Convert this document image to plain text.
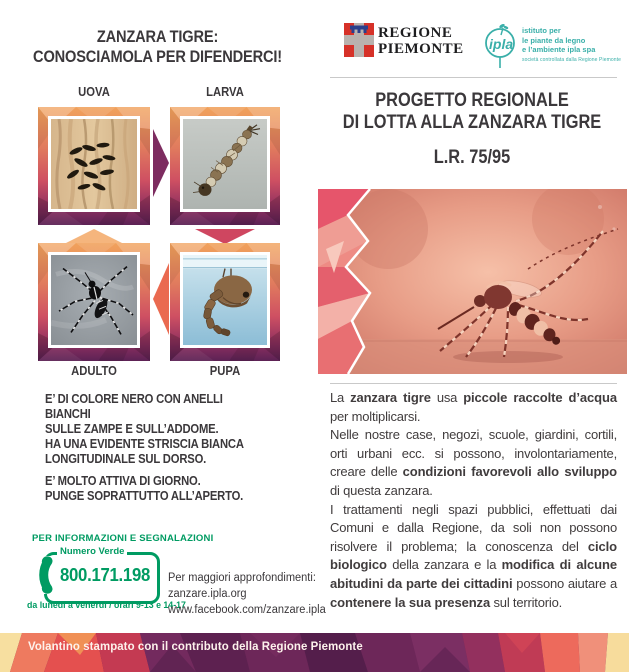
ZANZARA TIGRE:
CONOSCIAMOLA PER DIFENDERCI!
UOVA	LARVA
ADULTO	PUPA

E’ DI COLORE NERO CON ANELLI BIANCHI
SULLE ZAMPE E SULL’ADDOME.
HA UNA EVIDENTE STRISCIA BIANCA
LONGITUDINALE SUL DORSO.

E’ MOLTO ATTIVA DI GIORNO.
PUNGE SOPRATTUTTO ALL’APERTO.

PER INFORMAZIONI E SEGNALAZIONI
Numero Verde
800.171.198
da lunedì a venerdì / orari 9-13 e 14-17
Per maggiori approfondimenti:
zanzare.ipla.org
www.facebook.com/zanzare.ipla
REGIONE
PIEMONTE ipla
istituto per
le piante da legno
e l’ambiente ipla spa
società controllata dalla Regione Piemonte
PROGETTO REGIONALE
DI LOTTA ALLA ZANZARA TIGRE
L.R. 75/95

La zanzara tigre usa piccole raccolte d’acqua per moltiplicarsi.

Nelle nostre case, negozi, scuole, giardini, cortili, orti urbani ecc. si possono, involontariamente, creare delle condizioni favorevoli allo sviluppo di questa zanzara.

I trattamenti negli spazi pubblici, effettuati dai Comuni e dalla Regione, da soli non possono risolvere il problema; la conoscenza del ciclo biologico della zanzara e la modifica di alcune abitudini da parte dei cittadini possono aiutare a contenere la sua presenza sul territorio.

Volantino stampato con il contributo della Regione Piemonte
